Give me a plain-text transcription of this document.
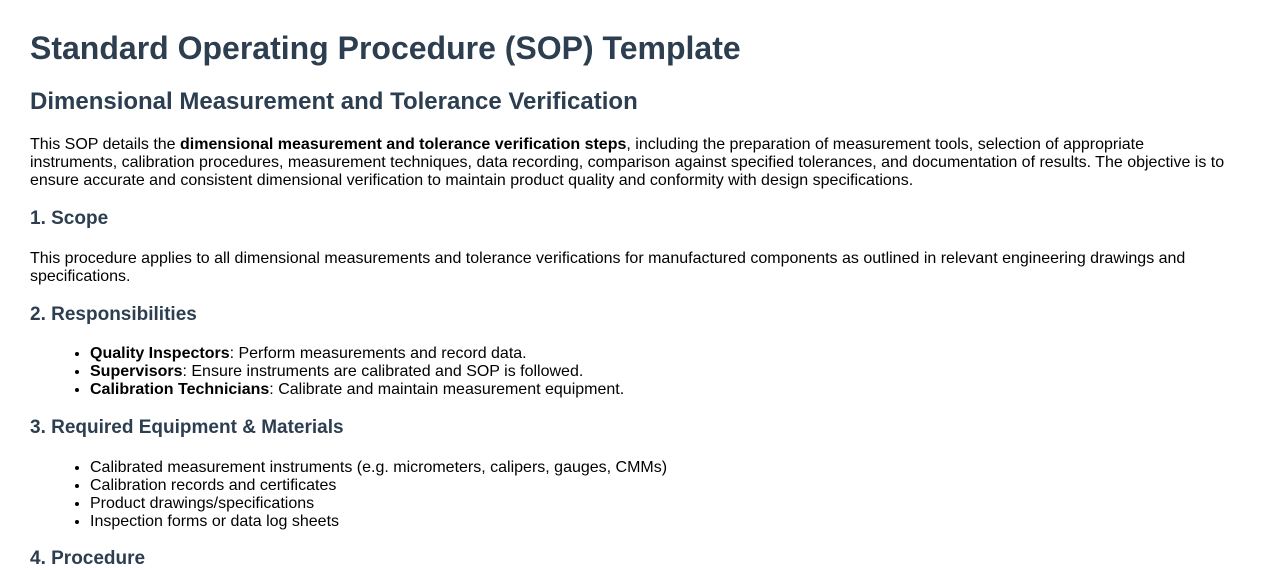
Standard Operating Procedure (SOP) Template
Dimensional Measurement and Tolerance Verification

This SOP details the dimensional measurement and tolerance verification steps, including the preparation of measurement tools, selection of appropriate instruments, calibration procedures, measurement techniques, data recording, comparison against specified tolerances, and documentation of results. The objective is to ensure accurate and consistent dimensional verification to maintain product quality and conformity with design specifications.

1. Scope

This procedure applies to all dimensional measurements and tolerance verifications for manufactured components as outlined in relevant engineering drawings and specifications.

2. Responsibilities
• Quality Inspectors: Perform measurements and record data.
• Supervisors: Ensure instruments are calibrated and SOP is followed.
• Calibration Technicians: Calibrate and maintain measurement equipment.
3. Required Equipment & Materials
• Calibrated measurement instruments (e.g. micrometers, calipers, gauges, CMMs)
• Calibration records and certificates
• Product drawings/specifications
• Inspection forms or data log sheets
4. Procedure
